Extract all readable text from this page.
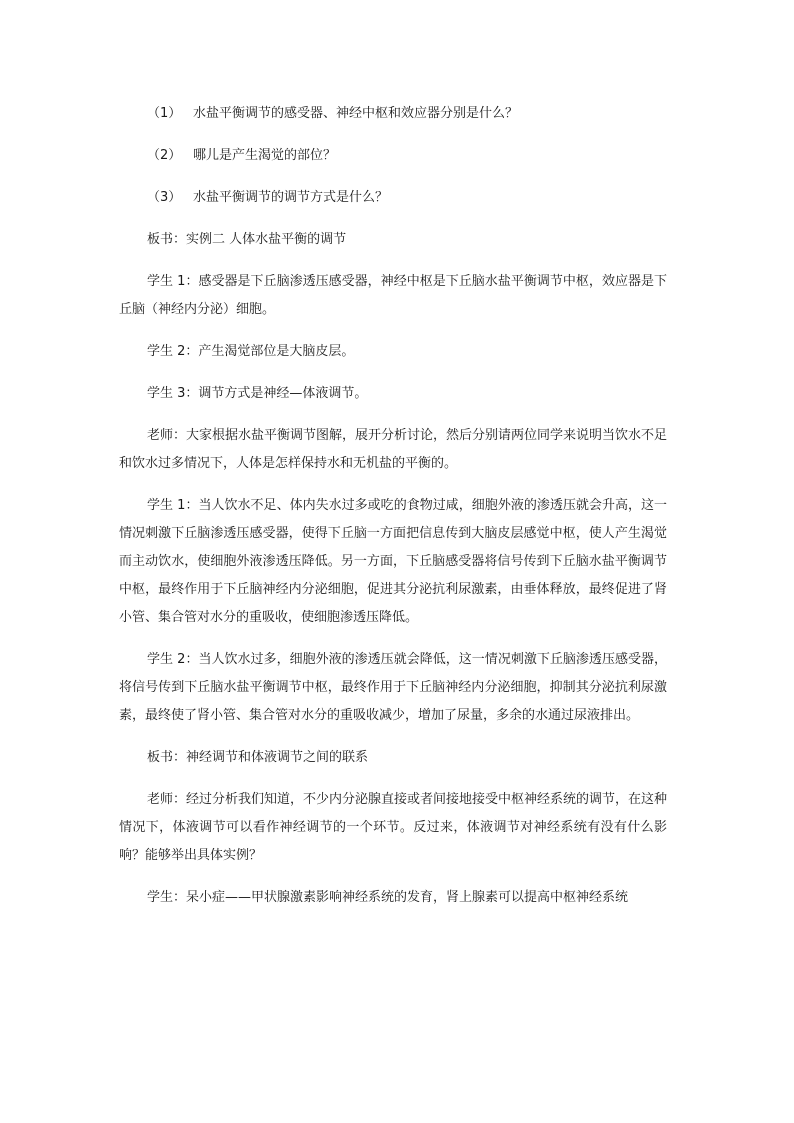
（1） 水盐平衡调节的感受器、神经中枢和效应器分别是什么？
（2） 哪儿是产生渴觉的部位？
（3） 水盐平衡调节的调节方式是什么？

板书：实例二 人体水盐平衡的调节

学生 1：感受器是下丘脑渗透压感受器，神经中枢是下丘脑水盐平衡调节中枢，效应器是下丘脑（神经内分泌）细胞。

学生 2：产生渴觉部位是大脑皮层。

学生 3：调节方式是神经—体液调节。

老师：大家根据水盐平衡调节图解，展开分析讨论，然后分别请两位同学来说明当饮水不足和饮水过多情况下，人体是怎样保持水和无机盐的平衡的。

学生 1：当人饮水不足、体内失水过多或吃的食物过咸，细胞外液的渗透压就会升高，这一情况刺激下丘脑渗透压感受器，使得下丘脑一方面把信息传到大脑皮层感觉中枢，使人产生渴觉而主动饮水，使细胞外液渗透压降低。另一方面，下丘脑感受器将信号传到下丘脑水盐平衡调节中枢，最终作用于下丘脑神经内分泌细胞，促进其分泌抗利尿激素，由垂体释放，最终促进了肾小管、集合管对水分的重吸收，使细胞渗透压降低。

学生 2：当人饮水过多，细胞外液的渗透压就会降低，这一情况刺激下丘脑渗透压感受器，将信号传到下丘脑水盐平衡调节中枢，最终作用于下丘脑神经内分泌细胞，抑制其分泌抗利尿激素，最终使了肾小管、集合管对水分的重吸收减少，增加了尿量，多余的水通过尿液排出。

板书：神经调节和体液调节之间的联系

老师：经过分析我们知道，不少内分泌腺直接或者间接地接受中枢神经系统的调节，在这种情况下，体液调节可以看作神经调节的一个环节。反过来，体液调节对神经系统有没有什么影响？能够举出具体实例？

学生：呆小症——甲状腺激素影响神经系统的发育，肾上腺素可以提高中枢神经系统
